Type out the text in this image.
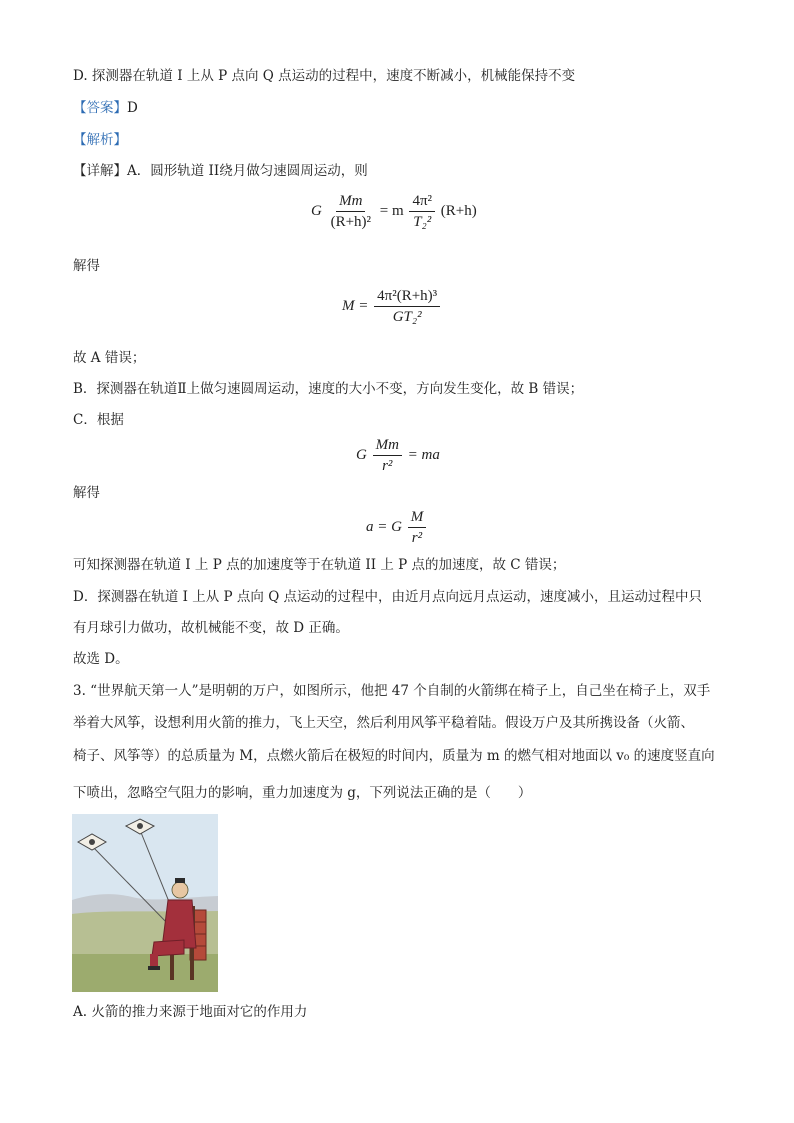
D. 探测器在轨道 I 上从 P 点向 Q 点运动的过程中，速度不断减小，机械能保持不变
【答案】D
【解析】
【详解】A．圆形轨道 II绕月做匀速圆周运动，则
G $\frac{Mm}{\text{(R+h)²}} = m \frac{\text{4π²}}{\text{T₂²}} (R+h)$
解得
$M = \frac{\text{4π²(R+h)³}}{\text{GT₂²}}$
故 A 错误；
B．探测器在轨道Ⅱ上做匀速圆周运动，速度的大小不变，方向发生变化，故 B 错误；
C．根据
G $\frac{Mm}{\text{r²}}$ = ma
解得
a = G $\frac{M}{\text{r²}}$
可知探测器在轨道 I 上 P 点的加速度等于在轨道 II 上 P 点的加速度，故 C 错误；
D．探测器在轨道 I 上从 P 点向 Q 点运动的过程中，由近月点向远月点运动，速度减小，且运动过程中只
有月球引力做功，故机械能不变，故 D 正确。
故选 D。
3. “世界航天第一人”是明朝的万户，如图所示，他把 47 个自制的火箭绑在椅子上，自己坐在椅子上，双手
举着大风筝，设想利用火箭的推力，飞上天空，然后利用风筝平稳着陆。假设万户及其所携设备（火箭、
椅子、风筝等）的总质量为 M，点燃火箭后在极短的时间内，质量为 m 的燃气相对地面以 v₀ 的速度竖直向
下喷出，忽略空气阻力的影响，重力加速度为 g，下列说法正确的是（　　）
A. 火箭的推力来源于地面对它的作用力
